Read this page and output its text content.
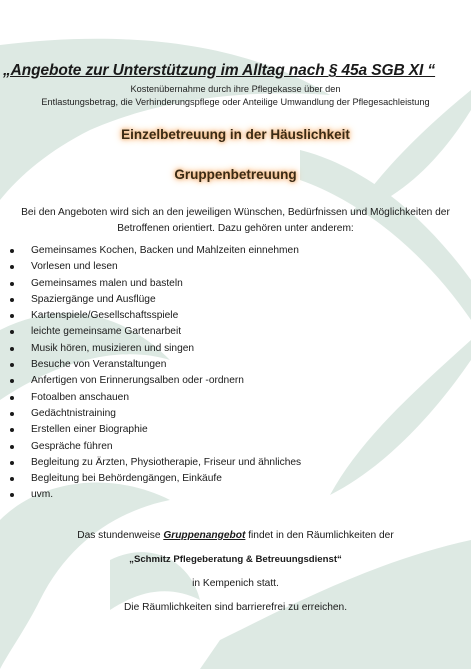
„Angebote zur Unterstützung im Alltag nach § 45a SGB XI “
Kostenübernahme durch ihre Pflegekasse über den
Entlastungsbetrag, die Verhinderungspflege oder Anteilige Umwandlung der Pflegesachleistung
Einzelbetreuung in der Häuslichkeit
Gruppenbetreuung
Bei den Angeboten wird sich an den jeweiligen Wünschen, Bedürfnissen und Möglichkeiten der
Betroffenen orientiert. Dazu gehören unter anderem:
Gemeinsames Kochen, Backen und Mahlzeiten einnehmen
Vorlesen und lesen
Gemeinsames malen und basteln
Spaziergänge und Ausflüge
Kartenspiele/Gesellschaftsspiele
leichte gemeinsame Gartenarbeit
Musik hören, musizieren und singen
Besuche von Veranstaltungen
Anfertigen von Erinnerungsalben oder -ordnern
Fotoalben anschauen
Gedächtnistraining
Erstellen einer Biographie
Gespräche führen
Begleitung zu Ärzten, Physiotherapie, Friseur und ähnliches
Begleitung bei Behördengängen, Einkäufe
uvm.
Das stundenweise Gruppenangebot findet in den Räumlichkeiten der
„Schmitz Pflegeberatung & Betreuungsdienst“
in Kempenich statt.
Die Räumlichkeiten sind barrierefrei zu erreichen.
